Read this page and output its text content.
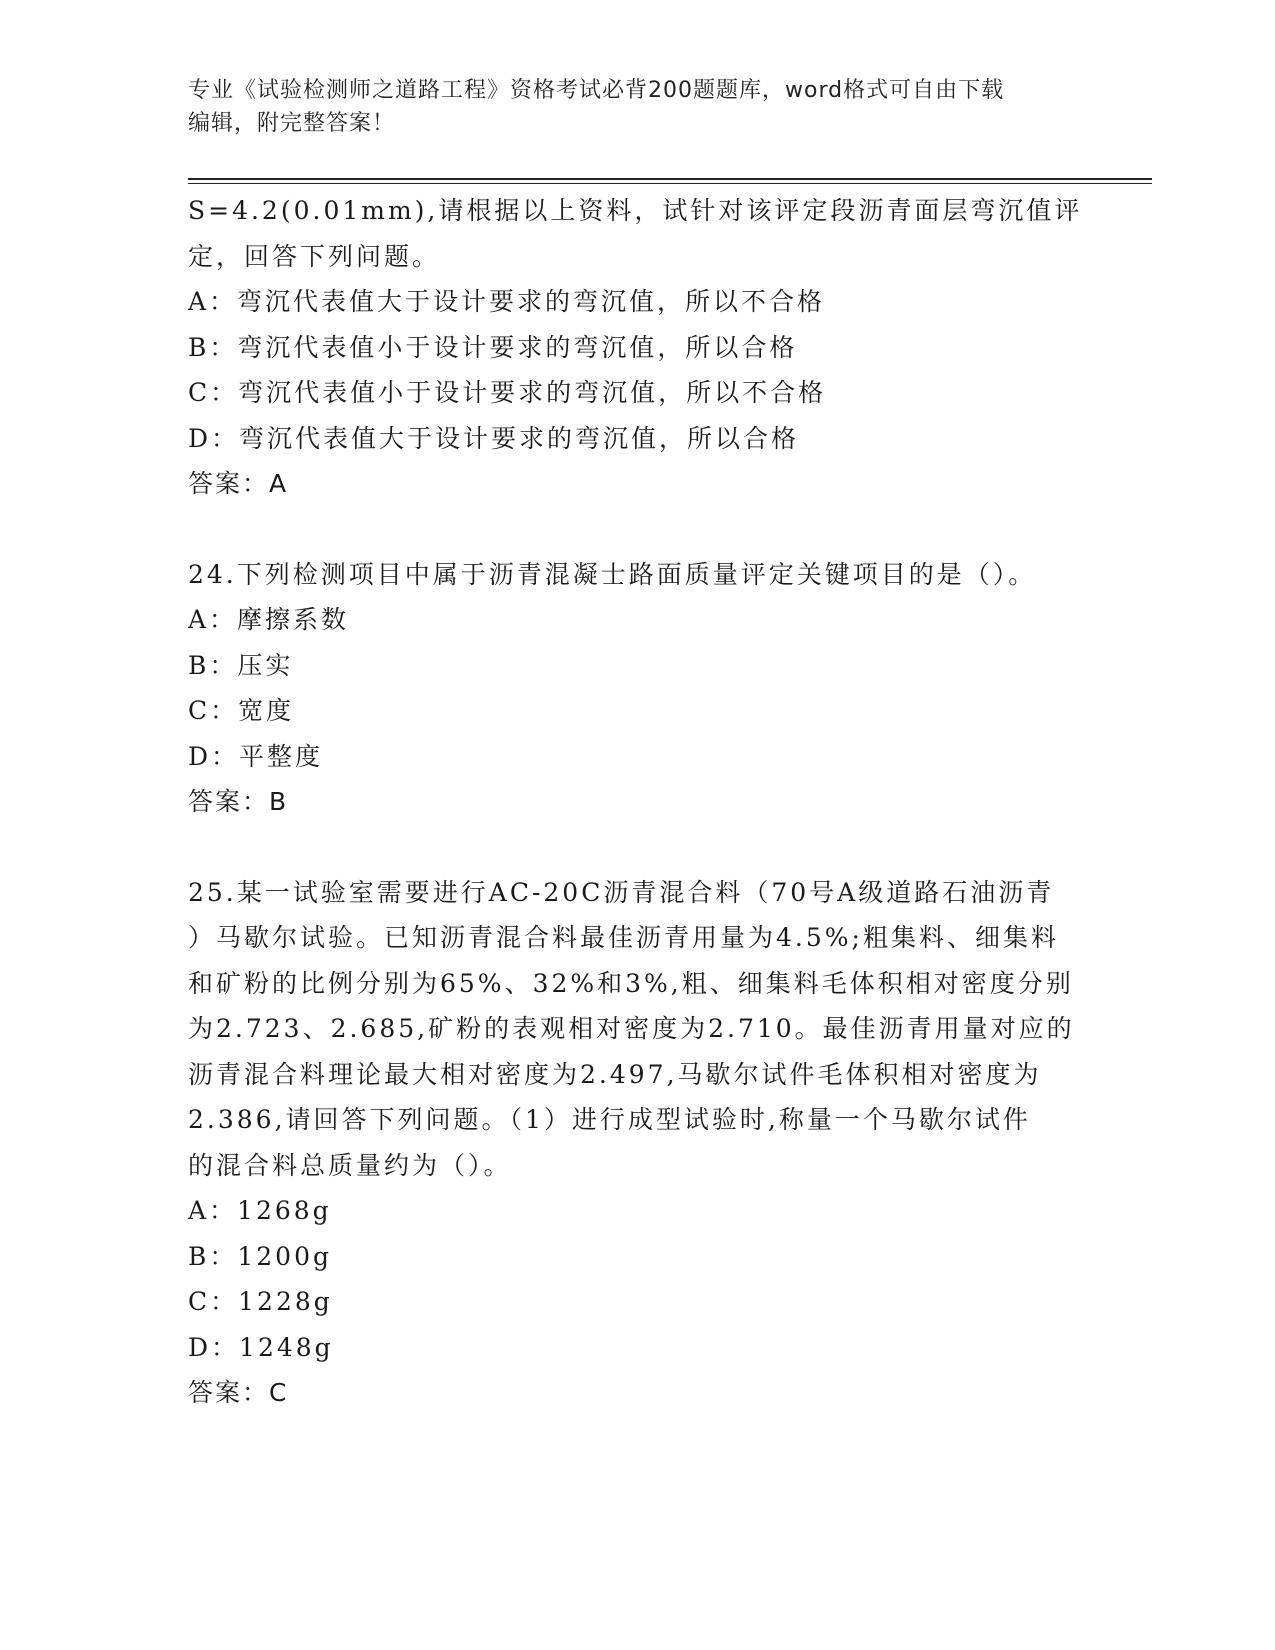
专业《试验检测师之道路工程》资格考试必背200题题库，word格式可自由下载
编辑，附完整答案！
S=4.2(0.01mm),请根据以上资料，试针对该评定段沥青面层弯沉值评
定，回答下列问题。
A：弯沉代表值大于设计要求的弯沉值，所以不合格
B：弯沉代表值小于设计要求的弯沉值，所以合格
C：弯沉代表值小于设计要求的弯沉值，所以不合格
D：弯沉代表值大于设计要求的弯沉值，所以合格
答案：A
24.下列检测项目中属于沥青混凝士路面质量评定关键项目的是（）。
A：摩擦系数
B：压实
C：宽度
D：平整度
答案：B
25.某一试验室需要进行AC-20C沥青混合料（70号A级道路石油沥青
）马歇尔试验。已知沥青混合料最佳沥青用量为4.5%;粗集料、细集料
和矿粉的比例分别为65%、32%和3%,粗、细集料毛体积相对密度分别
为2.723、2.685,矿粉的表观相对密度为2.710。最佳沥青用量对应的
沥青混合料理论最大相对密度为2.497,马歇尔试件毛体积相对密度为
2.386,请回答下列问题。（1）进行成型试验时,称量一个马歇尔试件
的混合料总质量约为（）。
A：1268g
B：1200g
C：1228g
D：1248g
答案：C
